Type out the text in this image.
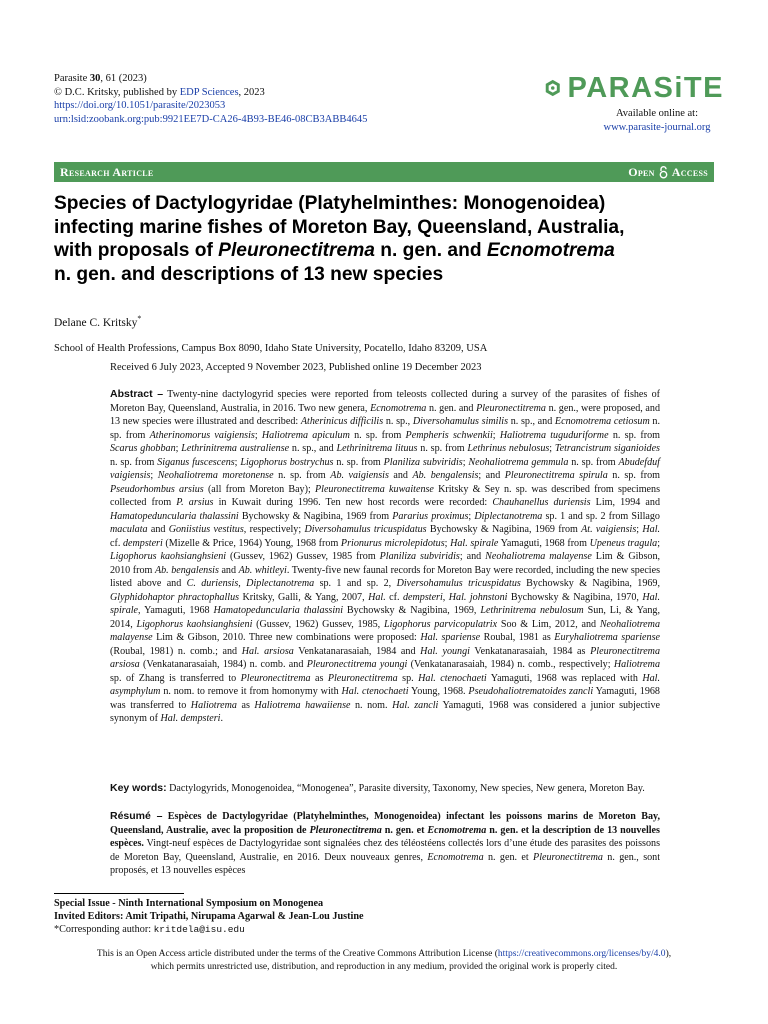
Parasite 30, 61 (2023)
© D.C. Kritsky, published by EDP Sciences, 2023
https://doi.org/10.1051/parasite/2023053
urn:lsid:zoobank.org:pub:9921EE7D-CA26-4B93-BE46-08CB3ABB4645
PARASiTE
Available online at:
www.parasite-journal.org
Research Article	Open Access
Species of Dactylogyridae (Platyhelminthes: Monogenoidea)
infecting marine fishes of Moreton Bay, Queensland, Australia,
with proposals of Pleuronectitrema n. gen. and Ecnomotrema
n. gen. and descriptions of 13 new species
Delane C. Kritsky*
School of Health Professions, Campus Box 8090, Idaho State University, Pocatello, Idaho 83209, USA
Received 6 July 2023, Accepted 9 November 2023, Published online 19 December 2023
Abstract – Twenty-nine dactylogyrid species were reported from teleosts collected during a survey of the parasites of fishes of Moreton Bay, Queensland, Australia, in 2016. Two new genera, Ecnomotrema n. gen. and Pleuronectitrema n. gen., were proposed, and 13 new species were illustrated and described: Atherinicus difficilis n. sp., Diversohamulus similis n. sp., and Ecnomotrema cetiosum n. sp. from Atherinomorus vaigiensis; Haliotrema apiculum n. sp. from Pempheris schwenkii; Haliotrema tuguduriforme n. sp. from Scarus ghobban; Lethrinitrema australiense n. sp., and Lethrinitrema lituus n. sp. from Lethrinus nebulosus; Tetrancistrum siganioides n. sp. from Siganus fuscescens; Ligophorus bostrychus n. sp. from Planiliza subviridis; Neohaliotrema gemmula n. sp. from Abudefduf vaigiensis; Neohaliotrema moretonense n. sp. from Ab. vaigiensis and Ab. bengalensis; and Pleuronectitrema spirula n. sp. from Pseudorhombus arsius (all from Moreton Bay); Pleuronectitrema kuwaitense Kritsky & Sey n. sp. was described from specimens collected from P. arsius in Kuwait during 1996. Ten new host records were recorded: Chauhanellus duriensis Lim, 1994 and Hamatopeduncularia thalassini Bychowsky & Nagibina, 1969 from Pararius proximus; Diplectanotrema sp. 1 and sp. 2 from Sillago maculata and Goniistius vestitus, respectively; Diversohamulus tricuspidatus Bychowsky & Nagibina, 1969 from At. vaigiensis; Hal. cf. dempsteri (Mizelle & Price, 1964) Young, 1968 from Prionurus microlepidotus; Hal. spirale Yamaguti, 1968 from Upeneus tragula; Ligophorus kaohsianghsieni (Gussev, 1962) Gussev, 1985 from Planiliza subviridis; and Neohaliotrema malayense Lim & Gibson, 2010 from Ab. bengalensis and Ab. whitleyi. Twenty-five new faunal records for Moreton Bay were recorded, including the new species listed above and C. duriensis, Diplectanotrema sp. 1 and sp. 2, Diversohamulus tricuspidatus Bychowsky & Nagibina, 1969, Glyphidohaptor phractophallus Kritsky, Galli, & Yang, 2007, Hal. cf. dempsteri, Hal. johnstoni Bychowsky & Nagibina, 1970, Hal. spirale, Yamaguti, 1968 Hamatopeduncularia thalassini Bychowsky & Nagibina, 1969, Lethrinitrema nebulosum Sun, Li, & Yang, 2014, Ligophorus kaohsianghsieni (Gussev, 1962) Gussev, 1985, Ligophorus parvicopulatrix Soo & Lim, 2012, and Neohaliotrema malayense Lim & Gibson, 2010. Three new combinations were proposed: Hal. spariense Roubal, 1981 as Euryhaliotrema spariense (Roubal, 1981) n. comb.; and Hal. arsiosa Venkatanarasaiah, 1984 and Hal. youngi Venkatanarasaiah, 1984 as Pleuronectitrema arsiosa (Venkatanarasaiah, 1984) n. comb. and Pleuronectitrema youngi (Venkatanarasaiah, 1984) n. comb., respectively; Haliotrema sp. of Zhang is transferred to Pleuronectitrema as Pleuronectitrema sp. Hal. ctenochaeti Yamaguti, 1968 was replaced with Hal. asymphylum n. nom. to remove it from homonymy with Hal. ctenochaeti Young, 1968. Pseudohaliotrematoides zancli Yamaguti, 1968 was transferred to Haliotrema as Haliotrema hawaiiense n. nom. Hal. zancli Yamaguti, 1968 was considered a junior subjective synonym of Hal. dempsteri.
Key words: Dactylogyrids, Monogenoidea, “Monogenea”, Parasite diversity, Taxonomy, New species, New genera, Moreton Bay.
Résumé – Espèces de Dactylogyridae (Platyhelminthes, Monogenoidea) infectant les poissons marins de Moreton Bay, Queensland, Australie, avec la proposition de Pleuronectitrema n. gen. et Ecnomotrema n. gen. et la description de 13 nouvelles espèces. Vingt-neuf espèces de Dactylogyridae sont signalées chez des téléostéens collectés lors d’une étude des parasites des poissons de Moreton Bay, Queensland, Australie, en 2016. Deux nouveaux genres, Ecnomotrema n. gen. et Pleuronectitrema n. gen., sont proposés, et 13 nouvelles espèces
Special Issue - Ninth International Symposium on Monogenea
Invited Editors: Amit Tripathi, Nirupama Agarwal & Jean-Lou Justine
*Corresponding author: kritdela@isu.edu
This is an Open Access article distributed under the terms of the Creative Commons Attribution License (https://creativecommons.org/licenses/by/4.0),
which permits unrestricted use, distribution, and reproduction in any medium, provided the original work is properly cited.
